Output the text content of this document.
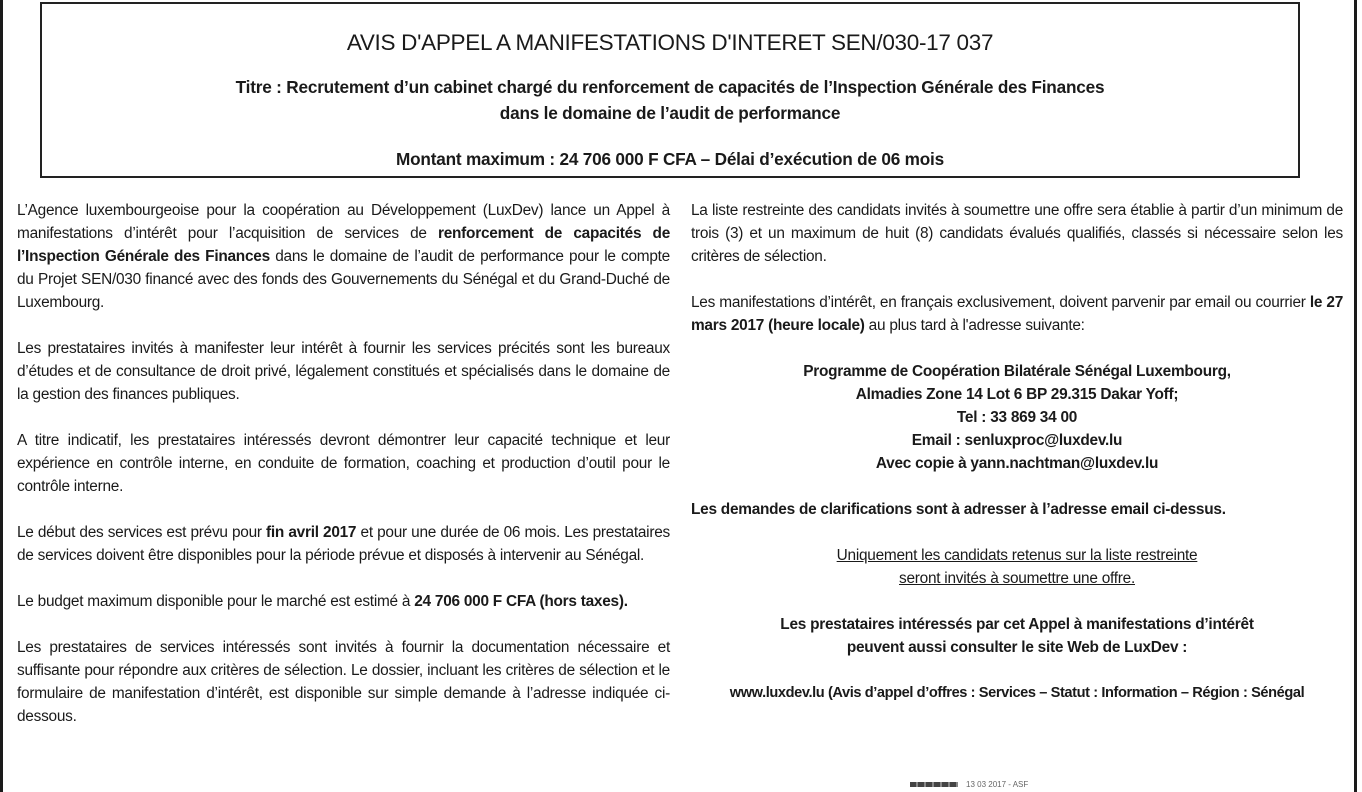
AVIS D'APPEL A MANIFESTATIONS D'INTERET SEN/030-17 037
Titre : Recrutement d’un cabinet chargé du renforcement de capacités de l’Inspection Générale des Finances
dans le domaine de l’audit de performance
Montant maximum : 24 706 000 F CFA – Délai d’exécution de 06 mois

L’Agence luxembourgeoise pour la coopération au Développement (LuxDev) lance un Appel à manifestations d’intérêt pour l’acquisition de services de renforcement de capacités de l’Inspection Générale des Finances dans le domaine de l’audit de performance pour le compte du Projet SEN/030 financé avec des fonds des Gouvernements du Sénégal et du Grand-Duché de Luxembourg.

Les prestataires invités à manifester leur intérêt à fournir les services précités sont les bureaux d’études et de consultance de droit privé, légalement constitués et spécialisés dans le domaine de la gestion des finances publiques.

A titre indicatif, les prestataires intéressés devront démontrer leur capacité technique et leur expérience en contrôle interne, en conduite de formation, coaching et production d’outil pour le contrôle interne.

Le début des services est prévu pour fin avril 2017 et pour une durée de 06 mois. Les prestataires de services doivent être disponibles pour la période prévue et disposés à intervenir au Sénégal.

Le budget maximum disponible pour le marché est estimé à 24 706 000 F CFA (hors taxes).

Les prestataires de services intéressés sont invités à fournir la documentation nécessaire et suffisante pour répondre aux critères de sélection. Le dossier, incluant les critères de sélection et le formulaire de manifestation d’intérêt, est disponible sur simple demande à l’adresse indiquée ci-dessous.

La liste restreinte des candidats invités à soumettre une offre sera établie à partir d’un minimum de trois (3) et un maximum de huit (8) candidats évalués qualifiés, classés si nécessaire selon les critères de sélection.

Les manifestations d’intérêt, en français exclusivement, doivent parvenir par email ou courrier le 27 mars 2017 (heure locale) au plus tard à l'adresse suivante:

Programme de Coopération Bilatérale Sénégal Luxembourg,
Almadies Zone 14 Lot 6 BP 29.315 Dakar Yoff;
Tel : 33 869 34 00
Email : senluxproc@luxdev.lu
Avec copie à yann.nachtman@luxdev.lu

Les demandes de clarifications sont à adresser à l’adresse email ci-dessus.

Uniquement les candidats retenus sur la liste restreinte
seront invités à soumettre une offre.
Les prestataires intéressés par cet Appel à manifestations d’intérêt
peuvent aussi consulter le site Web de LuxDev :
www.luxdev.lu (Avis d’appel d’offres : Services – Statut : Information – Région : Sénégal
13 03 2017 - ASF
